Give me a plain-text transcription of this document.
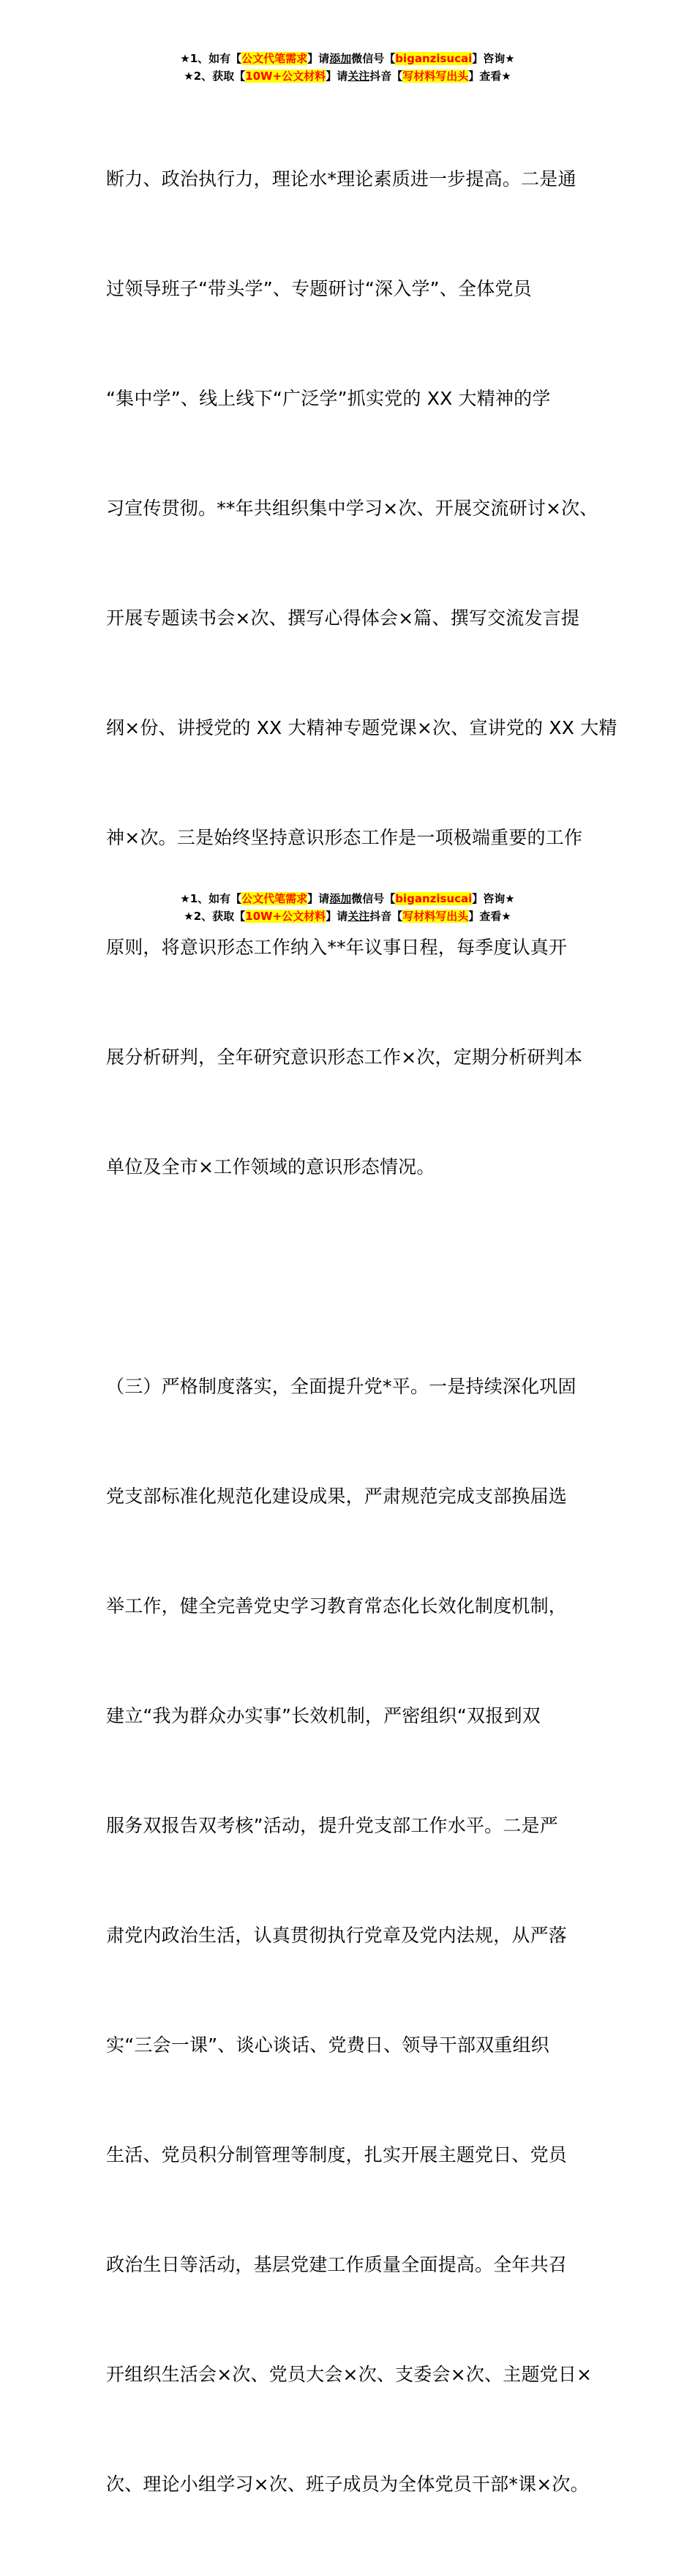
★1、如有【公文代笔需求】请添加微信号【biganzisucai】咨询★
★2、获取【10W+公文材料】请关注抖音【写材料写出头】查看★

断力、政治执行力，理论水*理论素质进一步提高。二是通

过领导班子“带头学”、专题研讨“深入学”、全体党员

“集中学”、线上线下“广泛学”抓实党的 XX 大精神的学

习宣传贯彻。**年共组织集中学习×次、开展交流研讨×次、

开展专题读书会×次、撰写心得体会×篇、撰写交流发言提

纲×份、讲授党的 XX 大精神专题党课×次、宣讲党的 XX 大精

神×次。三是始终坚持意识形态工作是一项极端重要的工作

原则，将意识形态工作纳入**年议事日程，每季度认真开

展分析研判，全年研究意识形态工作×次，定期分析研判本

单位及全市×工作领域的意识形态情况。

（三）严格制度落实，全面提升党*平。一是持续深化巩固

党支部标准化规范化建设成果，严肃规范完成支部换届选

举工作，健全完善党史学习教育常态化长效化制度机制，

建立“我为群众办实事”长效机制，严密组织“双报到双

服务双报告双考核”活动，提升党支部工作水平。二是严

肃党内政治生活，认真贯彻执行党章及党内法规，从严落

实“三会一课”、谈心谈话、党费日、领导干部双重组织

生活、党员积分制管理等制度，扎实开展主题党日、党员

政治生日等活动，基层党建工作质量全面提高。全年共召

开组织生活会×次、党员大会×次、支委会×次、主题党日×

次、理论小组学习×次、班子成员为全体党员干部*课×次。

★1、如有【公文代笔需求】请添加微信号【biganzisucai】咨询★
★2、获取【10W+公文材料】请关注抖音【写材料写出头】查看★
